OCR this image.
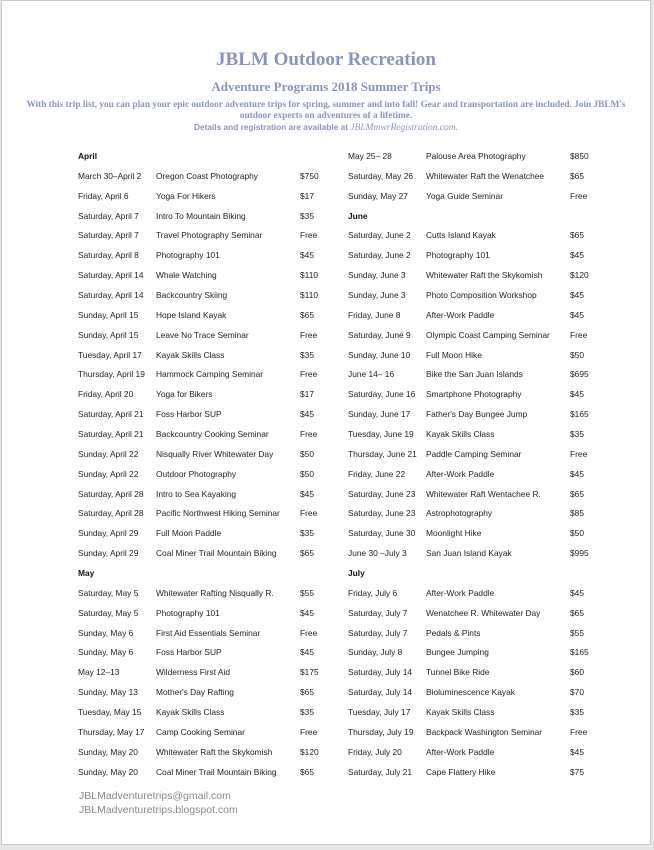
JBLM Outdoor Recreation
Adventure Programs 2018 Summer Trips
With this trip list, you can plan your epic outdoor adventure trips for spring, summer and into fall! Gear and transportation are included. Join JBLM's outdoor experts on adventures of a lifetime.
Details and registration are available at JBLMmwrRegistration.com.
April
March 30–April 2 Oregon Coast Photography	$750
Friday, April 6	Yoga For Hikers	$17
Saturday, April 7 Intro To Mountain Biking	$35
Saturday, April 7 Travel Photography Seminar	Free
Saturday, April 8 Photography 101	$45
Saturday, April 14 Whale Watching	$110
Saturday, April 14 Backcountry Skiing	$110
Sunday, April 15 Hope Island Kayak	$65
Sunday, April 15 Leave No Trace Seminar	Free
Tuesday, April 17 Kayak Skills Class	$35
Thursday, April 19 Hammock Camping Seminar	Free
Friday, April 20	Yoga for Bikers	$17
Saturday, April 21 Foss Harbor SUP	$45
Saturday, April 21 Backcountry Cooking Seminar	Free
Sunday, April 22 Nisqually River Whitewater Day	$50
Sunday, April 22 Outdoor Photography	$50
Saturday, April 28 Intro to Sea Kayaking	$45
Saturday, April 28 Pacific Northwest Hiking Seminar Free
Sunday, April 29 Full Moon Paddle	$35
Sunday, April 29 Coal Miner Trail Mountain Biking	$65
May
Saturday, May 5 Whitewater Rafting Nisqually R.	$55
Saturday, May 5 Photography 101	$45
Sunday, May 6	First Aid Essentials Seminar	Free
Sunday, May 6	Foss Harbor SUP	$45
May 12–13	Wilderness First Aid	$175
Sunday, May 13 Mother's Day Rafting	$65
Tuesday, May 15 Kayak Skills Class	$35
Thursday, May 17 Camp Cooking Seminar	Free
Sunday, May 20 Whitewater Raft the Skykomish	$120
Sunday, May 20 Coal Miner Trail Mountain Biking	$65
May 25– 28	Palouse Area Photography	$850
Saturday, May 26 Whitewater Raft the Wenatchee	$65
Sunday, May 27 Yoga Guide Seminar	Free
June
Saturday, June 2 Cutts Island Kayak	$65
Saturday, June 2 Photography 101	$45
Sunday, June 3 Whitewater Raft the Skykomish	$120
Sunday, June 3 Photo Composition Workshop	$45
Friday, June 8	After-Work Paddle	$45
Saturday, June 9 Olympic Coast Camping Seminar Free
Sunday, June 10 Full Moon Hike	$50
June 14– 16	Bike the San Juan Islands	$695
Saturday, June 16 Smartphone Photography	$45
Sunday, June 17 Father's Day Bungee Jump	$165
Tuesday, June 19 Kayak Skills Class	$35
Thursday, June 21 Paddle Camping Seminar	Free
Friday, June 22 After-Work Paddle	$45
Saturday, June 23 Whitewater Raft Wentachee R.	$65
Saturday, June 23 Astrophotography	$85
Saturday, June 30 Moonlight Hike	$50
June 30 –July 3 San Juan Island Kayak	$995
July
Friday, July 6	After-Work Paddle	$45
Saturday, July 7 Wenatchee R. Whitewater Day	$65
Saturday, July 7 Pedals & Pints	$55
Sunday, July 8	Bungee Jumping	$165
Saturday, July 14 Tunnel Bike Ride	$60
Saturday, July 14 Bioluminescence Kayak	$70
Tuesday, July 17 Kayak Skills Class	$35
Thursday, July 19 Backpack Washington Seminar	Free
Friday, July 20	After-Work Paddle	$45
Saturday, July 21 Cape Flattery Hike	$75
JBLMadventuretrips@gmail.com
JBLMadventuretrips.blogspot.com
